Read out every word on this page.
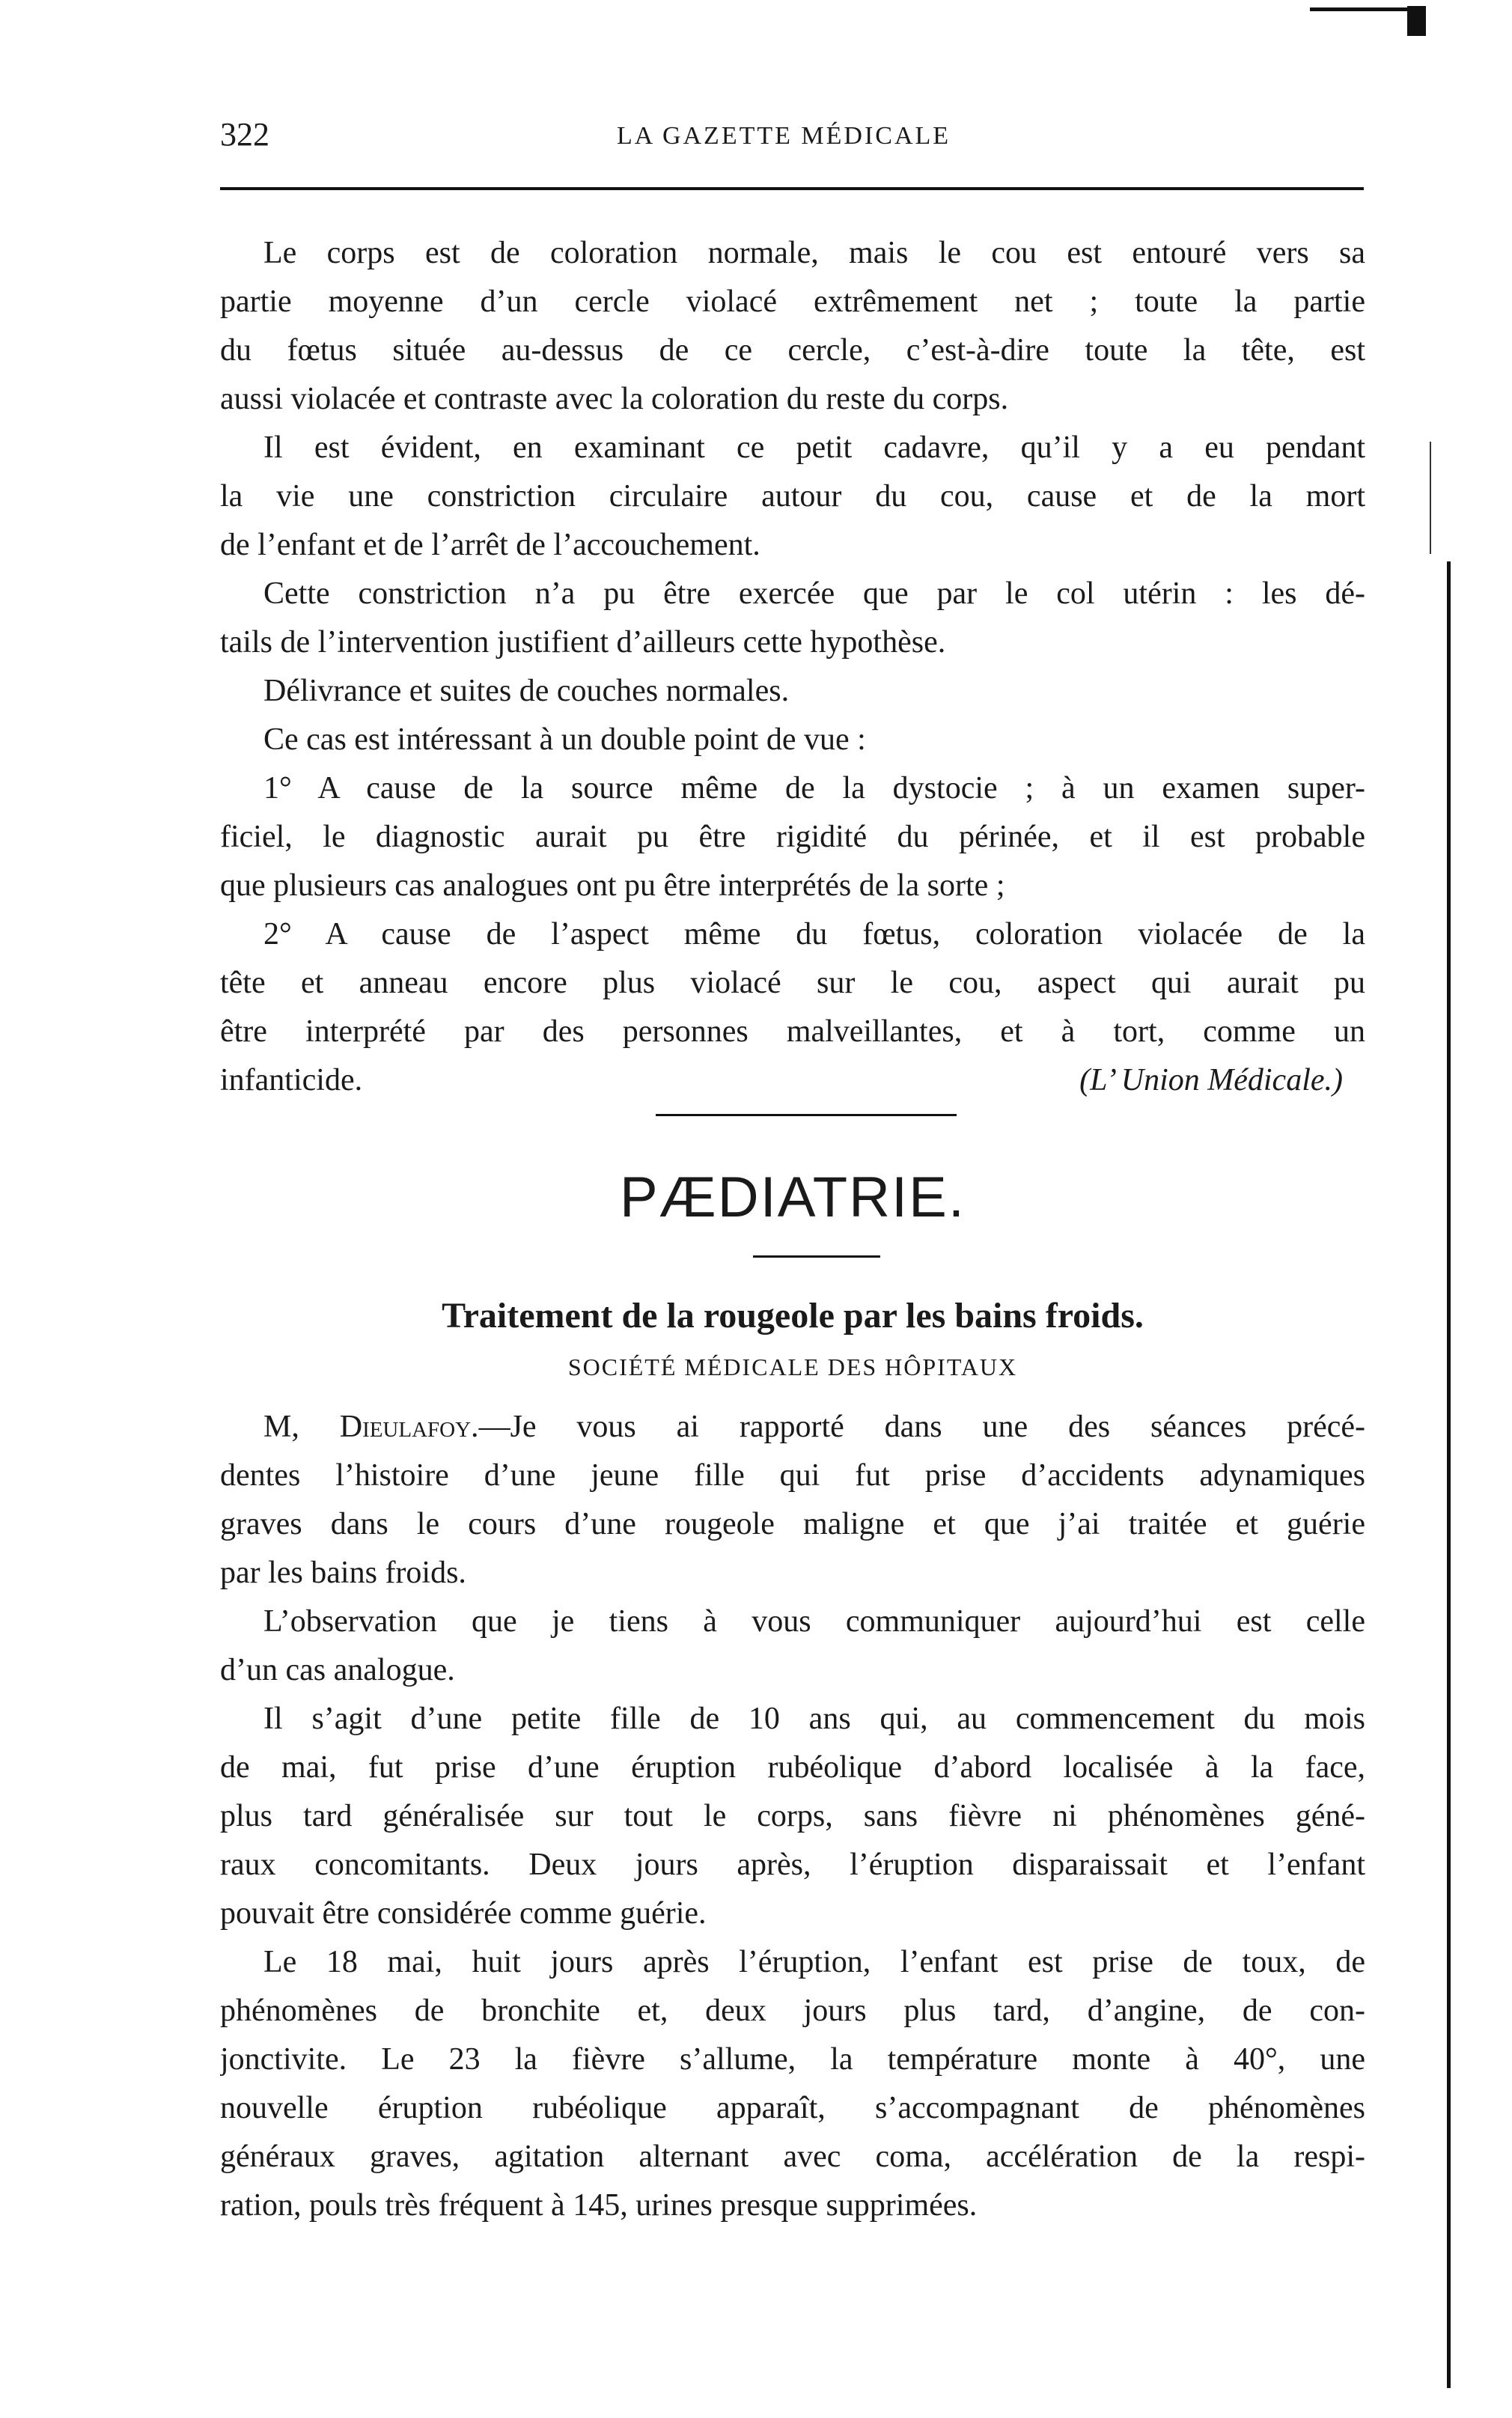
322	LA GAZETTE MÉDICALE
Le corps est de coloration normale, mais le cou est entouré vers sa
partie moyenne d’un cercle violacé extrêmement net ; toute la partie
du fœtus située au-dessus de ce cercle, c’est-à-dire toute la tête, est
aussi violacée et contraste avec la coloration du reste du corps.
Il est évident, en examinant ce petit cadavre, qu’il y a eu pendant
la vie une constriction circulaire autour du cou, cause et de la mort
de l’enfant et de l’arrêt de l’accouchement.
Cette constriction n’a pu être exercée que par le col utérin : les dé-
tails de l’intervention justifient d’ailleurs cette hypothèse.
Délivrance et suites de couches normales.
Ce cas est intéressant à un double point de vue :
1° A cause de la source même de la dystocie ; à un examen super-
ficiel, le diagnostic aurait pu être rigidité du périnée, et il est probable
que plusieurs cas analogues ont pu être interprétés de la sorte ;
2° A cause de l’aspect même du fœtus, coloration violacée de la
tête et anneau encore plus violacé sur le cou, aspect qui aurait pu
être interprété par des personnes malveillantes, et à tort, comme un
infanticide.	(L’ Union Médicale.)
PÆDIATRIE.
Traitement de la rougeole par les bains froids.
SOCIÉTÉ MÉDICALE DES HÔPITAUX
M, Dieulafoy.—Je vous ai rapporté dans une des séances précé-
dentes l’histoire d’une jeune fille qui fut prise d’accidents adynamiques
graves dans le cours d’une rougeole maligne et que j’ai traitée et guérie
par les bains froids.
L’observation que je tiens à vous communiquer aujourd’hui est celle
d’un cas analogue.
Il s’agit d’une petite fille de 10 ans qui, au commencement du mois
de mai, fut prise d’une éruption rubéolique d’abord localisée à la face,
plus tard généralisée sur tout le corps, sans fièvre ni phénomènes géné-
raux concomitants. Deux jours après, l’éruption disparaissait et l’enfant
pouvait être considérée comme guérie.
Le 18 mai, huit jours après l’éruption, l’enfant est prise de toux, de
phénomènes de bronchite et, deux jours plus tard, d’angine, de con-
jonctivite. Le 23 la fièvre s’allume, la température monte à 40°, une
nouvelle éruption rubéolique apparaît, s’accompagnant de phénomènes
généraux graves, agitation alternant avec coma, accélération de la respi-
ration, pouls très fréquent à 145, urines presque supprimées.
